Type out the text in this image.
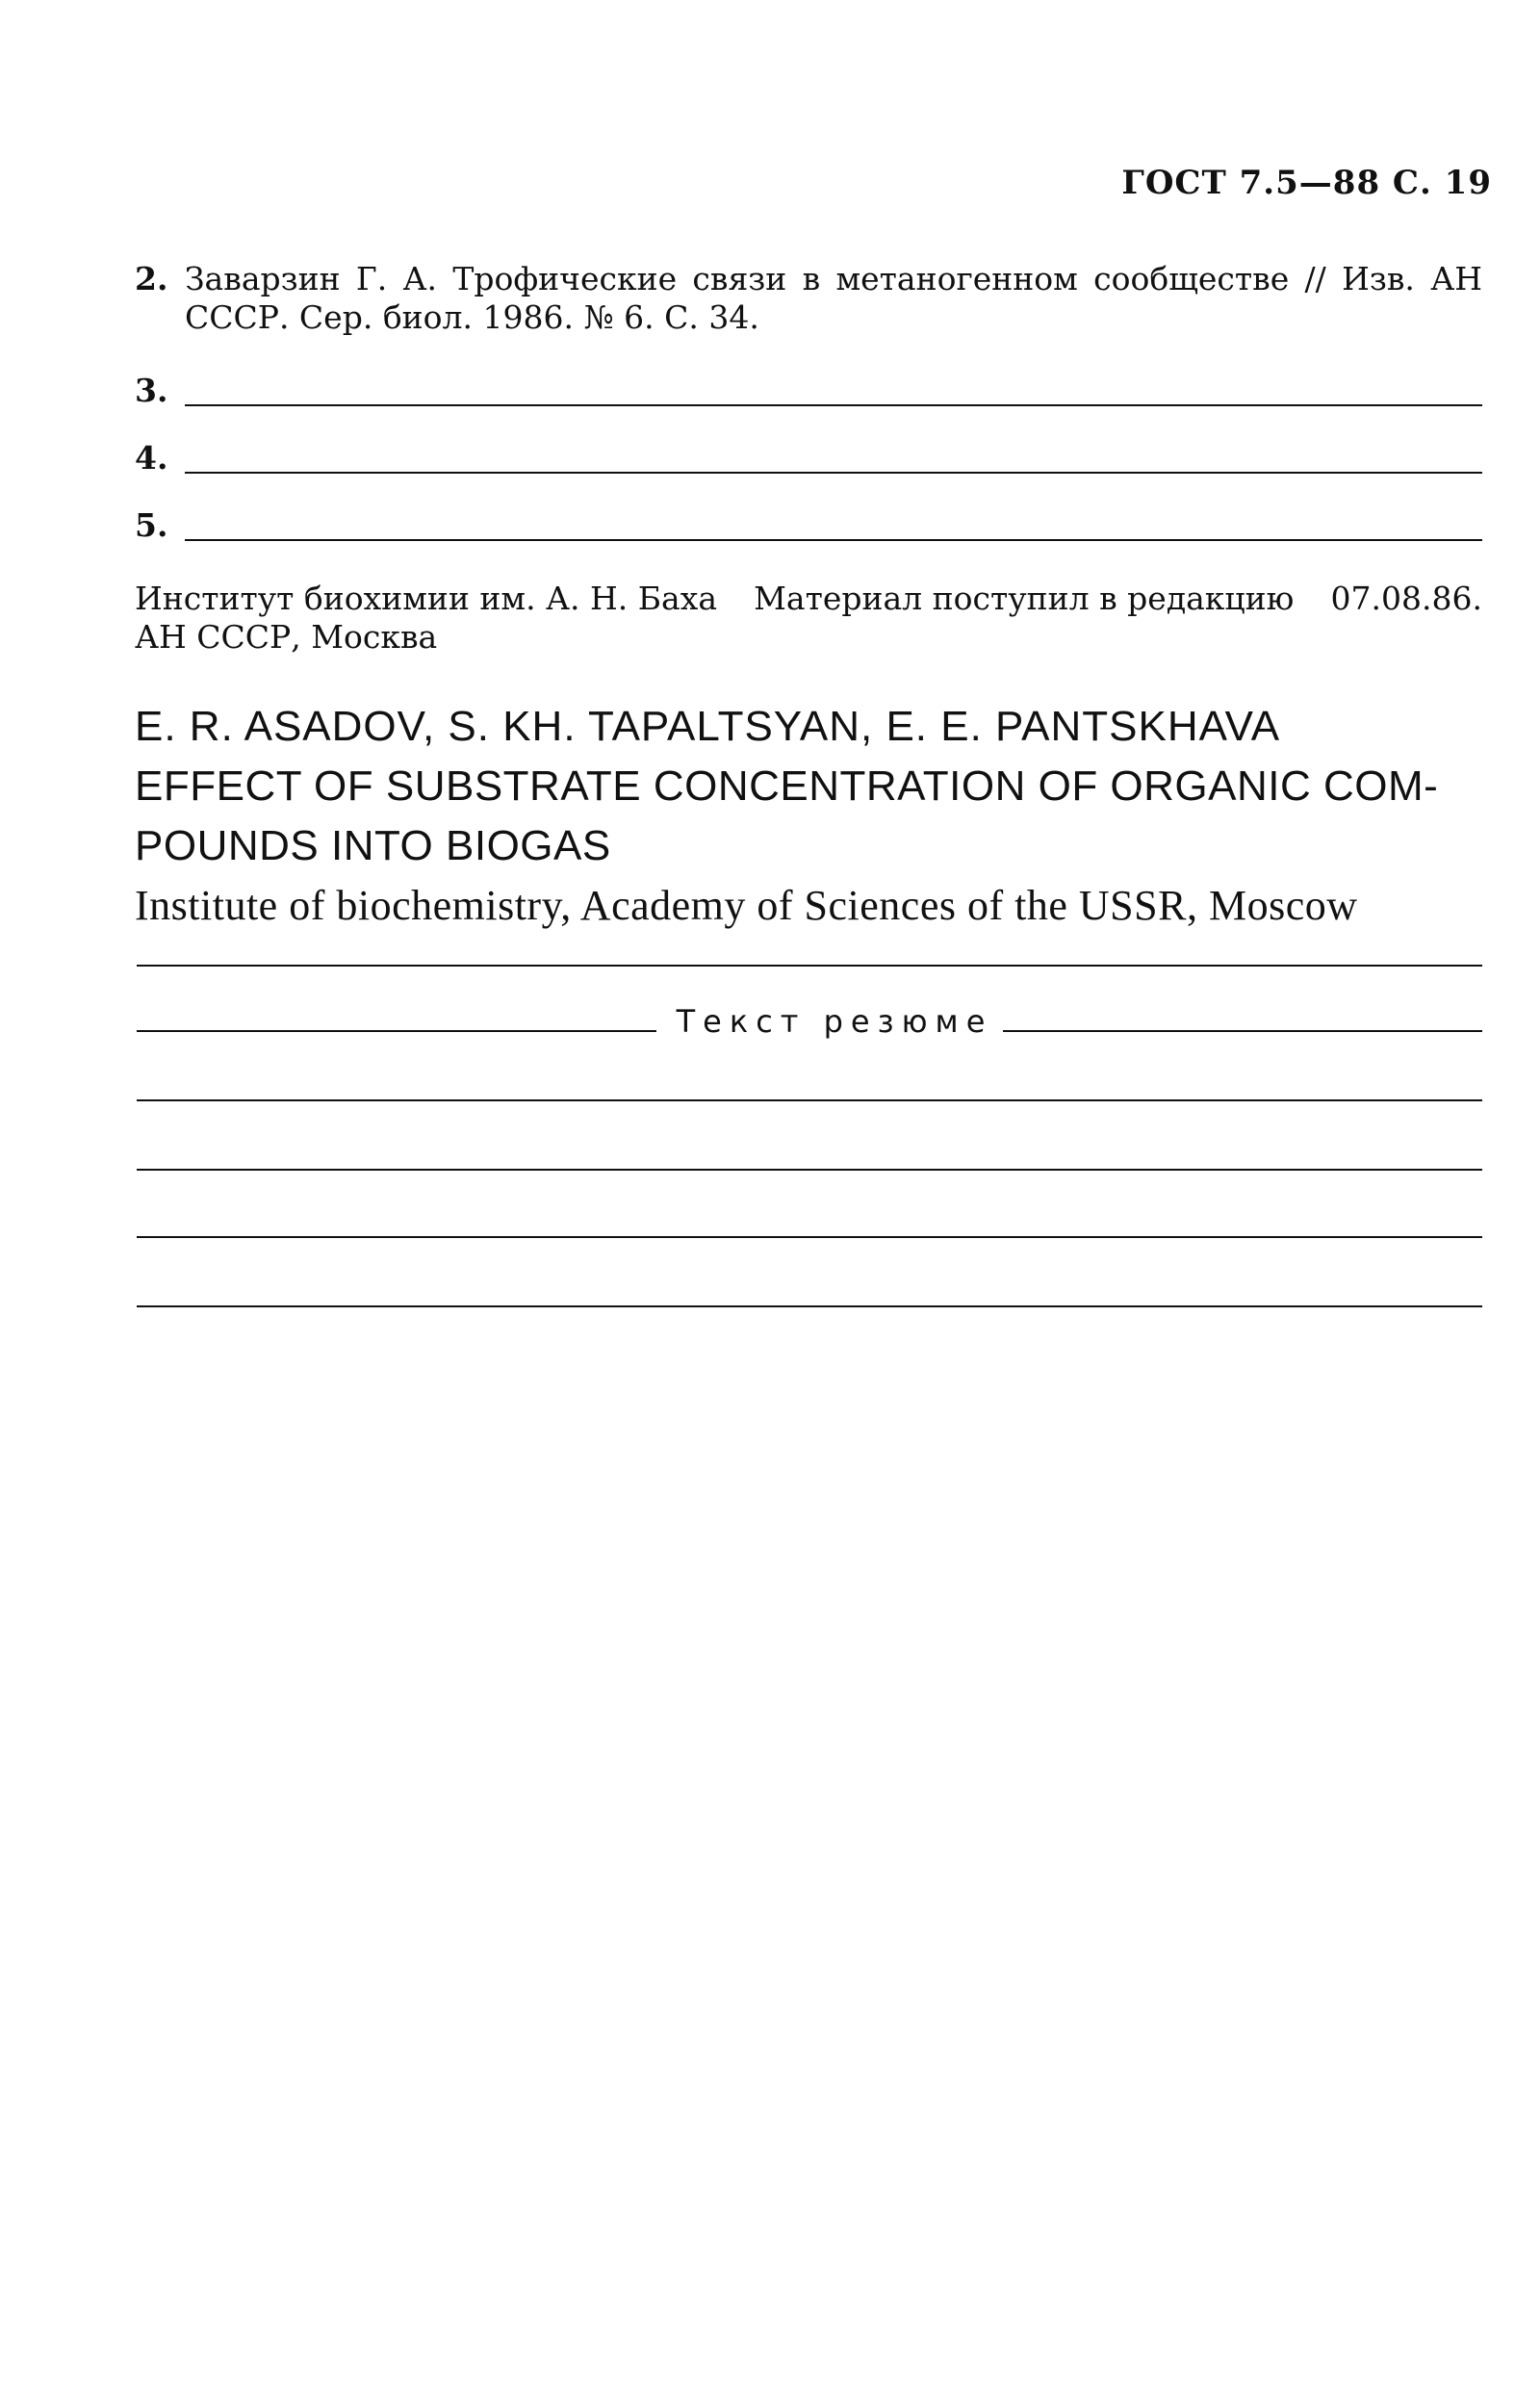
ГОСТ 7.5—88 С. 19
2. Заварзин Г. А. Трофические связи в метаногенном сообществе // Изв. АН
СССР. Сер. биол. 1986. № 6. С. 34.
3.
4.
5.
Институт биохимии им. А. Н. Баха Материал поступил в редакцию 07.08.86.
АН СССР, Москва
E. R. ASADOV, S. KH. TAPALTSYAN, E. E. PANTSKHAVA
EFFECT OF SUBSTRATE CONCENTRATION OF ORGANIC COM-
POUNDS INTO BIOGAS
Institute of biochemistry, Academy of Sciences of the USSR, Moscow
Текст резюме
